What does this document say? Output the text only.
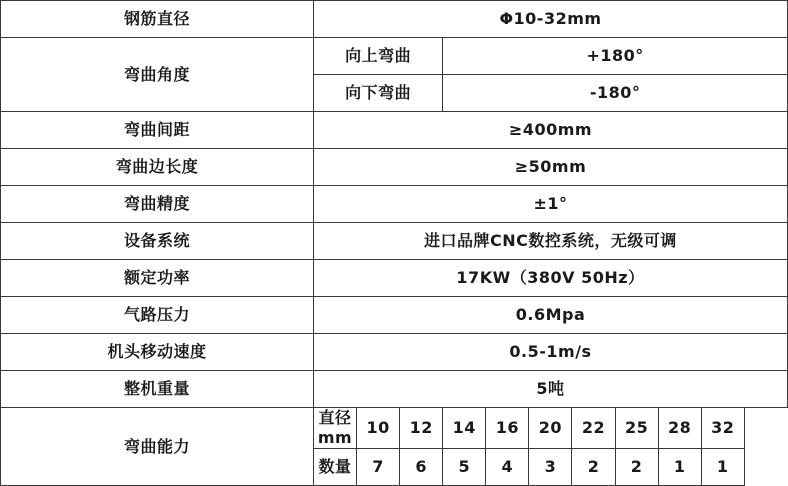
钢筋直径	Φ10-32mm									
弯曲角度	向上弯曲			+180°						
	向下弯曲			-180°						
弯曲间距	≥400mm									
弯曲边长度	≥50mm									
弯曲精度	±1°									
设备系统	进口品牌CNC数控系统，无级可调									
额定功率	17KW（380V 50Hz）									
气路压力	0.6Mpa									
机头移动速度	0.5-1m/s									
整机重量	5吨									
弯曲能力	直径 mm	10	12	14	16	20	22	25	28	32
	数量	7	6	5	4	3	2	2	1	1
